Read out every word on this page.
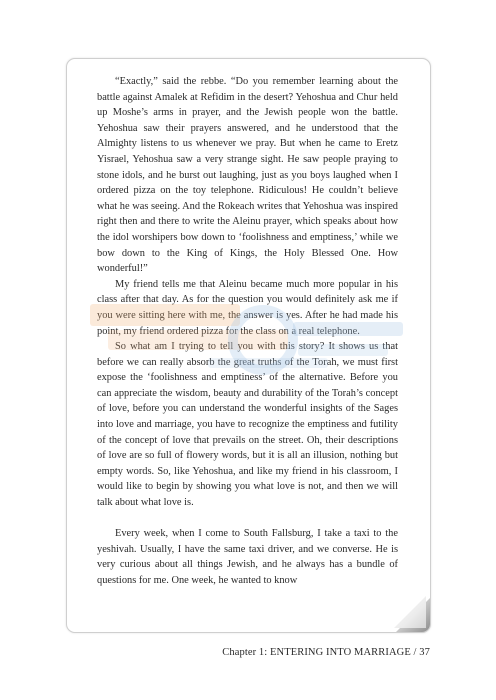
“Exactly,” said the rebbe. “Do you remember learning about the battle against Amalek at Refidim in the desert? Yehoshua and Chur held up Moshe’s arms in prayer, and the Jewish people won the battle. Yehoshua saw their prayers answered, and he understood that the Almighty listens to us whenever we pray. But when he came to Eretz Yisrael, Yehoshua saw a very strange sight. He saw people praying to stone idols, and he burst out laughing, just as you boys laughed when I ordered pizza on the toy telephone. Ridiculous! He couldn’t believe what he was seeing. And the Rokeach writes that Yehoshua was inspired right then and there to write the Aleinu prayer, which speaks about how the idol worshipers bow down to ‘foolishness and emptiness,’ while we bow down to the King of Kings, the Holy Blessed One. How wonderful!”

My friend tells me that Aleinu became much more popular in his class after that day. As for the question you would definitely ask me if you were sitting here with me, the answer is yes. After he had made his point, my friend ordered pizza for the class on a real telephone.

So what am I trying to tell you with this story? It shows us that before we can really absorb the great truths of the Torah, we must first expose the ‘foolishness and emptiness’ of the alternative. Before you can appreciate the wisdom, beauty and durability of the Torah’s concept of love, before you can understand the wonderful insights of the Sages into love and marriage, you have to recognize the emptiness and futility of the concept of love that prevails on the street. Oh, their descriptions of love are so full of flowery words, but it is all an illusion, nothing but empty words. So, like Yehoshua, and like my friend in his classroom, I would like to begin by showing you what love is not, and then we will talk about what love is.

Every week, when I come to South Fallsburg, I take a taxi to the yeshivah. Usually, I have the same taxi driver, and we converse. He is very curious about all things Jewish, and he always has a bundle of questions for me. One week, he wanted to know

Chapter 1: ENTERING INTO MARRIAGE / 37
